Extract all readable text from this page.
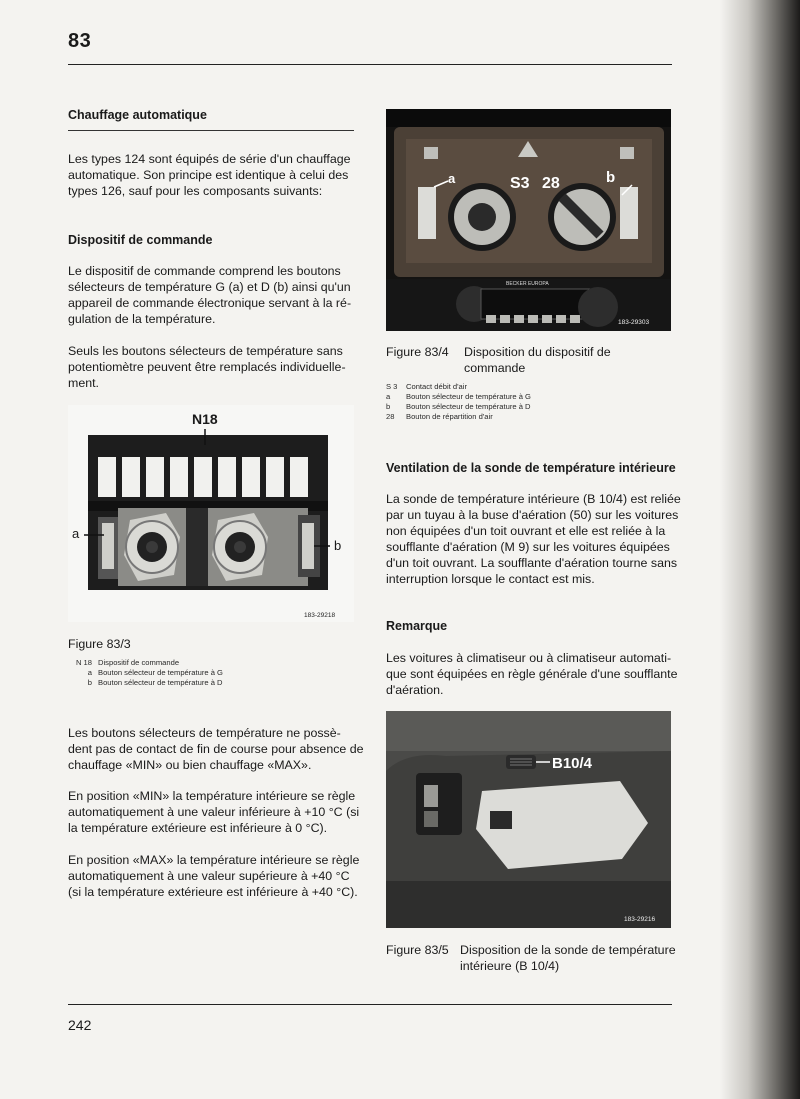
83
Chauffage automatique

Les types 124 sont équipés de série d'un chauffage
automatique. Son principe est identique à celui des
types 126, sauf pour les composants suivants:

Dispositif de commande

Le dispositif de commande comprend les boutons
sélecteurs de température G (a) et D (b) ainsi qu'un
appareil de commande électronique servant à la ré-
gulation de la température.

Seuls les boutons sélecteurs de température sans
potentiomètre peuvent être remplacés individuelle-
ment.

N18
a
b
183-29218
Figure 83/3
N 18 Dispositif de commande
a Bouton sélecteur de température à G
b Bouton sélecteur de température à D

Les boutons sélecteurs de température ne possè-
dent pas de contact de fin de course pour absence de
chauffage «MIN» ou bien chauffage «MAX».

En position «MIN» la température intérieure se règle
automatiquement à une valeur inférieure à +10 °C (si
la température extérieure est inférieure à 0 °C).

En position «MAX» la température intérieure se règle
automatiquement à une valeur supérieure à +40 °C
(si la température extérieure est inférieure à +40 °C).

a	S3 28	b
BECKER EUROPA
183-29303
Figure 83/4	Disposition du dispositif de
commande
S 3	Contact débit d'air
a	Bouton sélecteur de température à G
b	Bouton sélecteur de température à D
28	Bouton de répartition d'air
Ventilation de la sonde de température intérieure

La sonde de température intérieure (B 10/4) est reliée
par un tuyau à la buse d'aération (50) sur les voitures
non équipées d'un toit ouvrant et elle est reliée à la
soufflante d'aération (M 9) sur les voitures équipées
d'un toit ouvrant. La soufflante d'aération tourne sans
interruption lorsque le contact est mis.

Remarque

Les voitures à climatiseur ou à climatiseur automati-
que sont équipées en règle générale d'une soufflante
d'aération.

B10/4
183-29216
Figure 83/5 Disposition de la sonde de température
intérieure (B 10/4)
242
